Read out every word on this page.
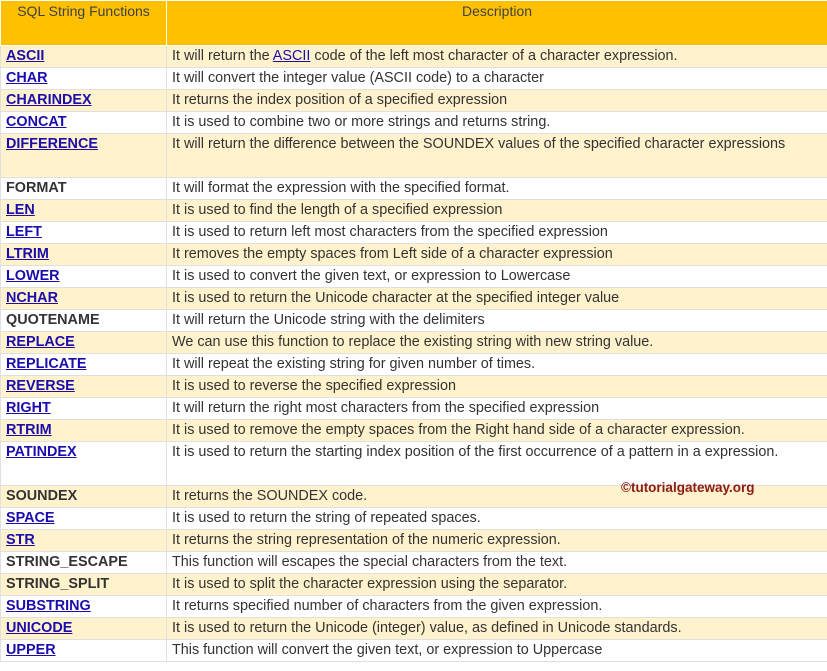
SQL String Functions	Description
ASCII	It will return the ASCII code of the left most character of a character expression.
CHAR	It will convert the integer value (ASCII code) to a character
CHARINDEX	It returns the index position of a specified expression
CONCAT	It is used to combine two or more strings and returns string.
DIFFERENCE	It will return the difference between the SOUNDEX values of the specified character expressions
FORMAT	It will format the expression with the specified format.
LEN	It is used to find the length of a specified expression
LEFT	It is used to return left most characters from the specified expression
LTRIM	It removes the empty spaces from Left side of a character expression
LOWER	It is used to convert the given text, or expression to Lowercase
NCHAR	It is used to return the Unicode character at the specified integer value
QUOTENAME	It will return the Unicode string with the delimiters
REPLACE	We can use this function to replace the existing string with new string value.
REPLICATE	It will repeat the existing string for given number of times.
REVERSE	It is used to reverse the specified expression
RIGHT	It will return the right most characters from the specified expression
RTRIM	It is used to remove the empty spaces from the Right hand side of a character expression.
PATINDEX	It is used to return the starting index position of the first occurrence of a pattern in a expression.
SOUNDEX	It returns the SOUNDEX code.
SPACE	It is used to return the string of repeated spaces.
STR	It returns the string representation of the numeric expression.
STRING_ESCAPE	This function will escapes the special characters from the text.
STRING_SPLIT	It is used to split the character expression using the separator.
SUBSTRING	It returns specified number of characters from the given expression.
UNICODE	It is used to return the Unicode (integer) value, as defined in Unicode standards.
UPPER	This function will convert the given text, or expression to Uppercase
©tutorialgateway.org
